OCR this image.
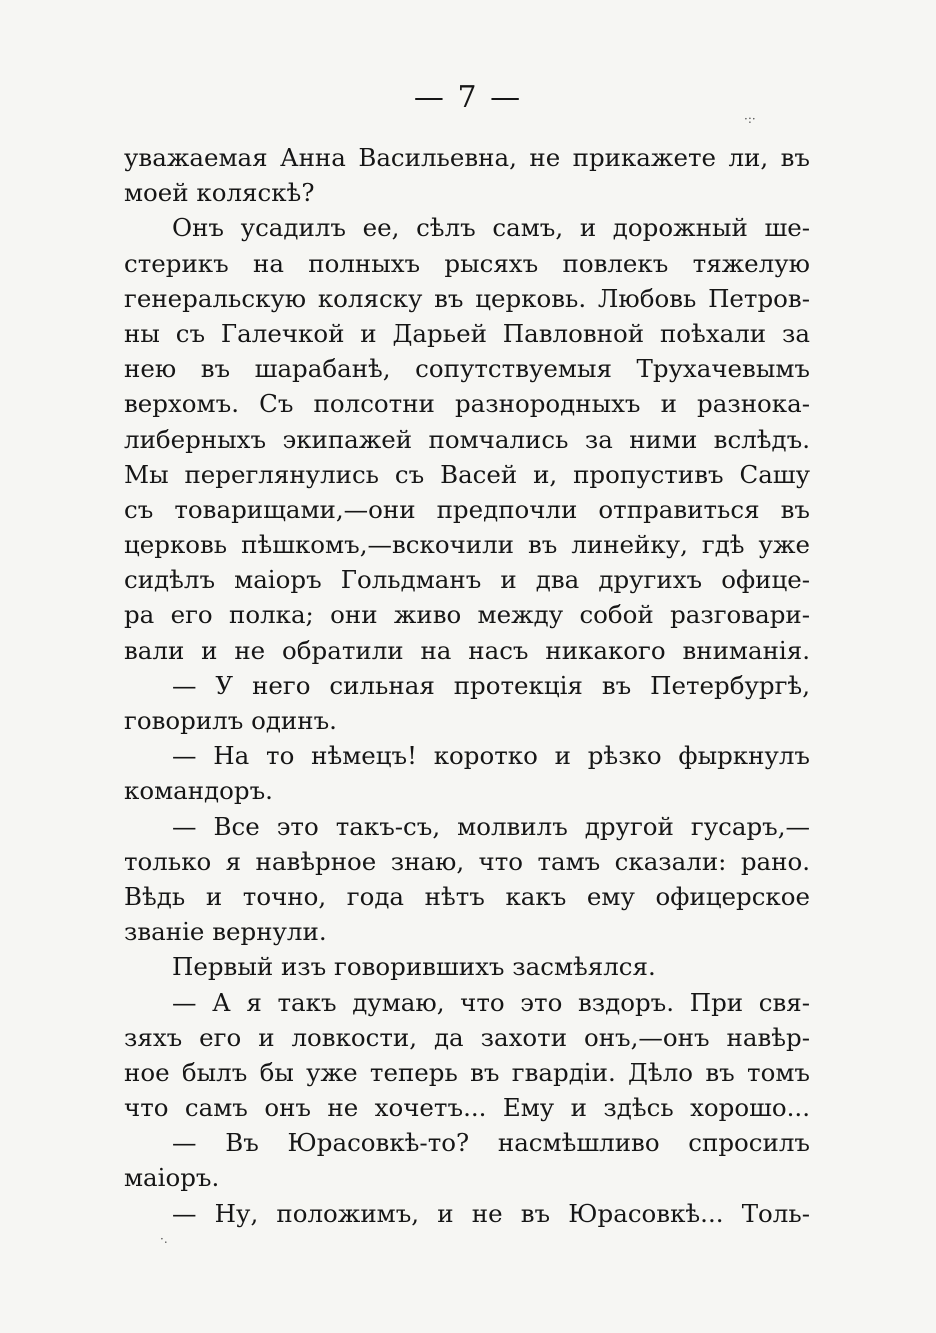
— 7 —
·:·
·.
уважаемая Анна Васильевна, не прикажете ли, въ
моей коляскѣ?
Онъ усадилъ ее, сѣлъ самъ, и дорожный ше-
стерикъ на полныхъ рысяхъ повлекъ тяжелую
генеральскую коляску въ церковь. Любовь Петров-
ны съ Галечкой и Дарьей Павловной поѣхали за
нею въ шарабанѣ, сопутствуемыя Трухачевымъ
верхомъ. Съ полсотни разнородныхъ и разнока-
либерныхъ экипажей помчались за ними вслѣдъ.
Мы переглянулись съ Васей и, пропустивъ Сашу
съ товарищами,—они предпочли отправиться въ
церковь пѣшкомъ,—вскочили въ линейку, гдѣ уже
сидѣлъ маіоръ Гольдманъ и два другихъ офице-
ра его полка; они живо между собой разговари-
вали и не обратили на насъ никакого вниманія.
— У него сильная протекція въ Петербургѣ,
говорилъ одинъ.
— На то нѣмецъ! коротко и рѣзко фыркнулъ
командоръ.
— Все это такъ-съ, молвилъ другой гусаръ,—
только я навѣрное знаю, что тамъ сказали: рано.
Вѣдь и точно, года нѣтъ какъ ему офицерское
званіе вернули.
Первый изъ говорившихъ засмѣялся.
— А я такъ думаю, что это вздоръ. При свя-
зяхъ его и ловкости, да захоти онъ,—онъ навѣр-
ное былъ бы уже теперь въ гвардіи. Дѣло въ томъ
что самъ онъ не хочетъ... Ему и здѣсь хорошо...
— Въ Юрасовкѣ-то? насмѣшливо спросилъ
маіоръ.
— Ну, положимъ, и не въ Юрасовкѣ... Толь-
